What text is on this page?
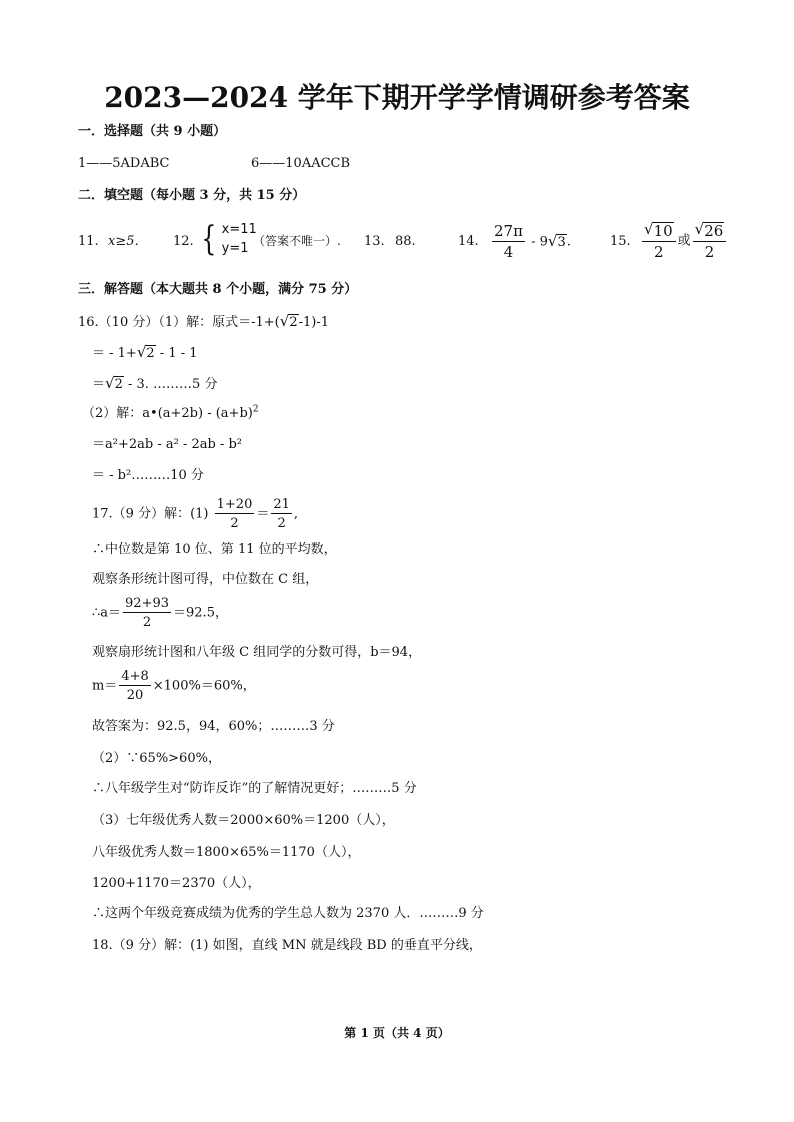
2023—2024 学年下期开学学情调研参考答案
一．选择题（共 9 小题）
1——5ADABC	6——10AACCB
二．填空题（每小题 3 分，共 15 分）
11. x≥5． 12. { x=11
y=1 （答案不唯一）. 13. 88.	14. $\frac{27\pi}{4} - 9$ √ 3 .	15. $\frac{√ 10}{2}$ 或 $\frac{√ 26}{2}$
三．解答题（本大题共 8 个小题，满分 75 分）
16.（10 分）（1）解：原式＝-1+( √ 2 -1)-1
＝ - 1+ √ 2 - 1 - 1
＝ √ 2 - 3. ………5 分
（2）解：a•(a+2b) - $(a+b)^2$
＝a²+2ab - a² - 2ab - b²
＝ - b²………10 分
17.（9 分）解：$(1) \frac{1+20}{2} = \frac{21}{2}$ ,
∴中位数是第 10 位、第 11 位的平均数，
观察条形统计图可得，中位数在 C 组，
∴a＝ $\frac{92+93}{2} =92.5$，
观察扇形统计图和八年级 C 组同学的分数可得，b＝94，
$m= \frac{4+8}{20} \times 100\%=60\%$，
故答案为：92.5，94，60%；………3 分
（2）∵65%>60%，
∴八年级学生对“防诈反诈”的了解情况更好；………5 分
（3）七年级优秀人数＝2000×60%＝1200（人），
八年级优秀人数＝1800×65%＝1170（人），
1200+1170＝2370（人），
∴这两个年级竞赛成绩为优秀的学生总人数为 2370 人．………9 分
18.（9 分）解：(1) 如图，直线 MN 就是线段 BD 的垂直平分线，
第 1 页（共 4 页）
